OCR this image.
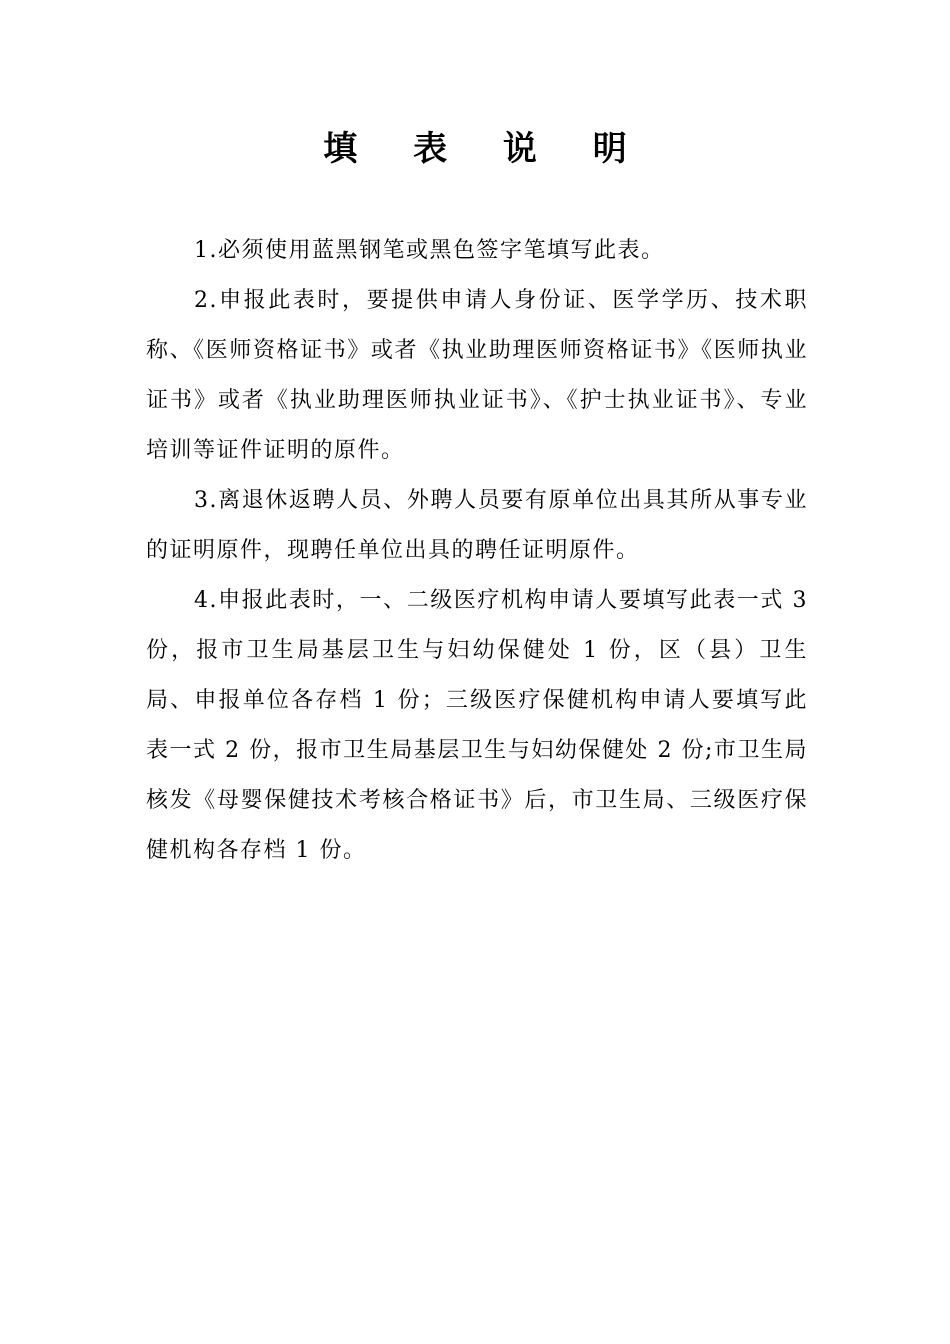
填 表 说 明

1.必须使用蓝黑钢笔或黑色签字笔填写此表。

2.申报此表时，要提供申请人身份证、医学学历、技术职称、《医师资格证书》或者《执业助理医师资格证书》《医师执业证书》或者《执业助理医师执业证书》、《护士执业证书》、专业培训等证件证明的原件。

3.离退休返聘人员、外聘人员要有原单位出具其所从事专业的证明原件，现聘任单位出具的聘任证明原件。

4.申报此表时，一、二级医疗机构申请人要填写此表一式 3 份，报市卫生局基层卫生与妇幼保健处 1 份，区（县）卫生局、申报单位各存档 1 份；三级医疗保健机构申请人要填写此表一式 2 份，报市卫生局基层卫生与妇幼保健处 2 份;市卫生局核发《母婴保健技术考核合格证书》后，市卫生局、三级医疗保健机构各存档 1 份。
